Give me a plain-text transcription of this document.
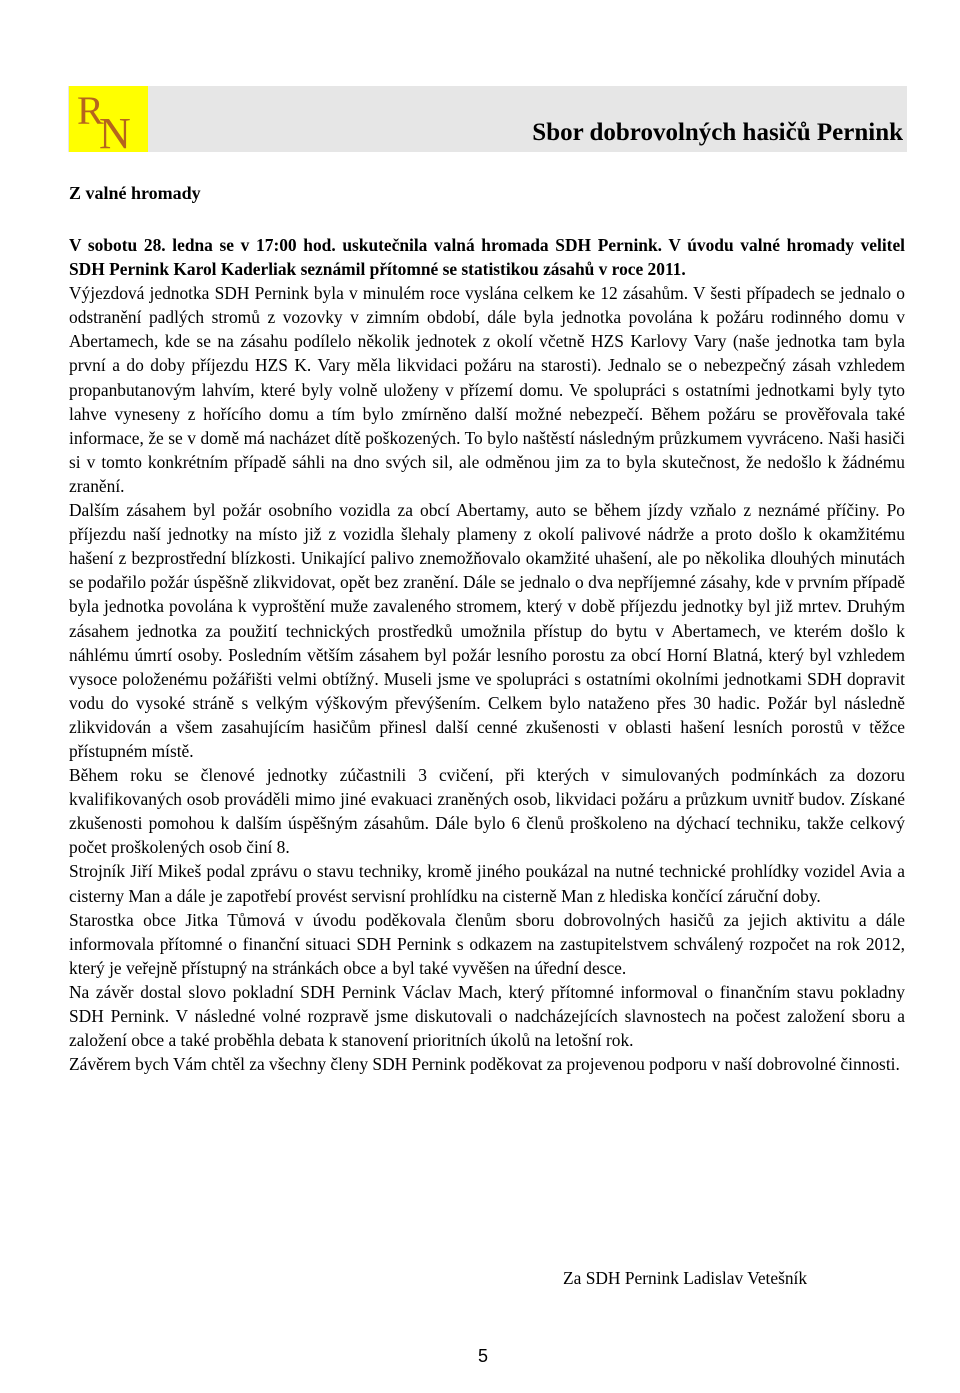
R
N	Sbor dobrovolných hasičů Pernink
Z valné hromady

V sobotu 28. ledna se v 17:00 hod. uskutečnila valná hromada SDH Pernink. V úvodu valné hromady velitel SDH Pernink Karol Kaderliak seznámil přítomné se statistikou zásahů v roce 2011.

Výjezdová jednotka SDH Pernink byla v minulém roce vyslána celkem ke 12 zásahům. V šesti případech se jednalo o odstranění padlých stromů z vozovky v zimním období, dále byla jednotka povolána k požáru rodinného domu v Abertamech, kde se na zásahu podílelo několik jednotek z okolí včetně HZS Karlovy Vary (naše jednotka tam byla první a do doby příjezdu HZS K. Vary měla likvidaci požáru na starosti). Jednalo se o nebezpečný zásah vzhledem propanbutanovým lahvím, které byly volně uloženy v přízemí domu. Ve spolupráci s ostatními jednotkami byly tyto lahve vyneseny z hořícího domu a tím bylo zmírněno další možné nebezpečí. Během požáru se prověřovala také informace, že se v domě má nacházet dítě poškozených. To bylo naštěstí následným průzkumem vyvráceno. Naši hasiči si v tomto konkrétním případě sáhli na dno svých sil, ale odměnou jim za to byla skutečnost, že nedošlo k žádnému zranění.

Dalším zásahem byl požár osobního vozidla za obcí Abertamy, auto se během jízdy vzňalo z neznámé příčiny. Po příjezdu naší jednotky na místo již z vozidla šlehaly plameny z okolí palivové nádrže a proto došlo k okamžitému hašení z bezprostřední blízkosti. Unikající palivo znemožňovalo okamžité uhašení, ale po několika dlouhých minutách se podařilo požár úspěšně zlikvidovat, opět bez zranění. Dále se jednalo o dva nepříjemné zásahy, kde v prvním případě byla jednotka povolána k vyproštění muže zavaleného stromem, který v době příjezdu jednotky byl již mrtev. Druhým zásahem jednotka za použití technických prostředků umožnila přístup do bytu v Abertamech, ve kterém došlo k náhlému úmrtí osoby. Posledním větším zásahem byl požár lesního porostu za obcí Horní Blatná, který byl vzhledem vysoce položenému požářišti velmi obtížný. Museli jsme ve spolupráci s ostatními okolními jednotkami SDH dopravit vodu do vysoké stráně s velkým výškovým převýšením. Celkem bylo nataženo přes 30 hadic. Požár byl následně zlikvidován a všem zasahujícím hasičům přinesl další cenné zkušenosti v oblasti hašení lesních porostů v těžce přístupném místě.

Během roku se členové jednotky zúčastnili 3 cvičení, při kterých v simulovaných podmínkách za dozoru kvalifikovaných osob prováděli mimo jiné evakuaci zraněných osob, likvidaci požáru a průzkum uvnitř budov. Získané zkušenosti pomohou k dalším úspěšným zásahům. Dále bylo 6 členů proškoleno na dýchací techniku, takže celkový počet proškolených osob činí 8.

Strojník Jiří Mikeš podal zprávu o stavu techniky, kromě jiného poukázal na nutné technické prohlídky vozidel Avia a cisterny Man a dále je zapotřebí provést servisní prohlídku na cisterně Man z hlediska končící záruční doby.

Starostka obce Jitka Tůmová v úvodu poděkovala členům sboru dobrovolných hasičů za jejich aktivitu a dále informovala přítomné o finanční situaci SDH Pernink s odkazem na zastupitelstvem schválený rozpočet na rok 2012, který je veřejně přístupný na stránkách obce a byl také vyvěšen na úřední desce.

Na závěr dostal slovo pokladní SDH Pernink Václav Mach, který přítomné informoval o finančním stavu pokladny SDH Pernink. V následné volné rozpravě jsme diskutovali o nadcházejících slavnostech na počest založení sboru a založení obce a také proběhla debata k stanovení prioritních úkolů na letošní rok.

Závěrem bych Vám chtěl za všechny členy SDH Pernink poděkovat za projevenou podporu v naší dobrovolné činnosti.

Za SDH Pernink Ladislav Vetešník
5
